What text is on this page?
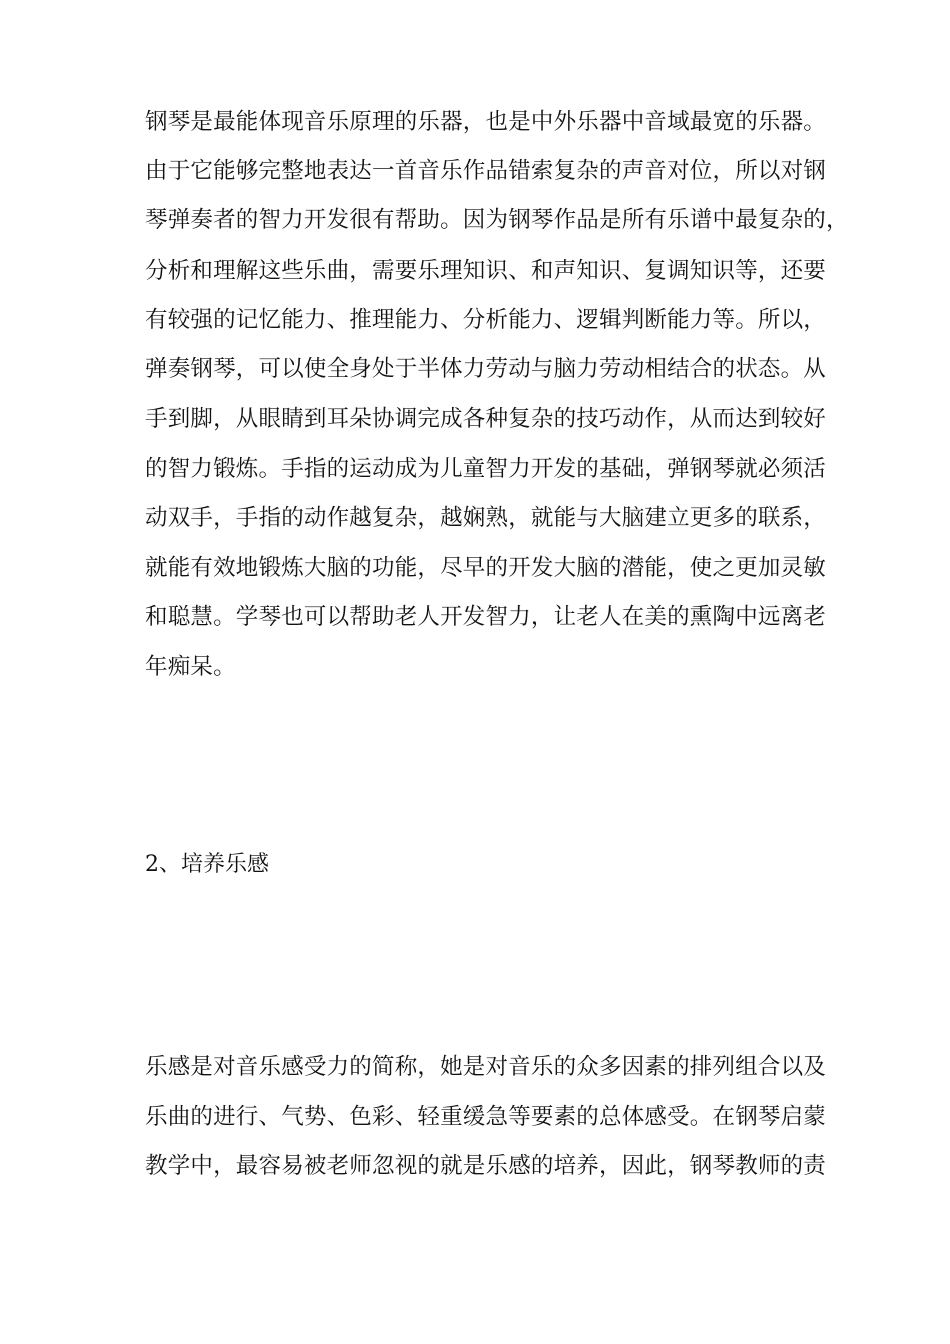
钢琴是最能体现音乐原理的乐器，也是中外乐器中音域最宽的乐器。
由于它能够完整地表达一首音乐作品错索复杂的声音对位，所以对钢
琴弹奏者的智力开发很有帮助。因为钢琴作品是所有乐谱中最复杂的，
分析和理解这些乐曲，需要乐理知识、和声知识、复调知识等，还要
有较强的记忆能力、推理能力、分析能力、逻辑判断能力等。所以，
弹奏钢琴，可以使全身处于半体力劳动与脑力劳动相结合的状态。从
手到脚，从眼睛到耳朵协调完成各种复杂的技巧动作，从而达到较好
的智力锻炼。手指的运动成为儿童智力开发的基础，弹钢琴就必须活
动双手，手指的动作越复杂，越娴熟，就能与大脑建立更多的联系，
就能有效地锻炼大脑的功能，尽早的开发大脑的潜能，使之更加灵敏
和聪慧。学琴也可以帮助老人开发智力，让老人在美的熏陶中远离老
年痴呆。
2、培养乐感
乐感是对音乐感受力的简称，她是对音乐的众多因素的排列组合以及
乐曲的进行、气势、色彩、轻重缓急等要素的总体感受。在钢琴启蒙
教学中，最容易被老师忽视的就是乐感的培养，因此，钢琴教师的责
